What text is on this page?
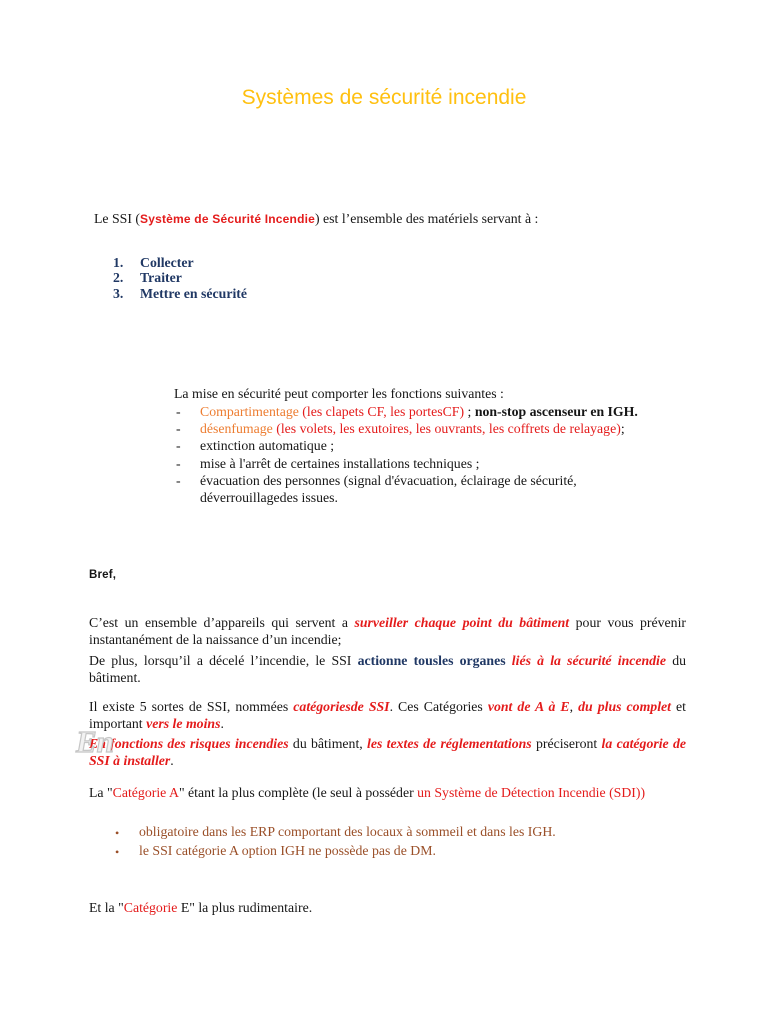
Systèmes de sécurité incendie

Le SSI (Système de Sécurité Incendie) est l’ensemble des matériels servant à :

1.	Collecter
2.	Traiter
3.	Mettre en sécurité

La mise en sécurité peut comporter les fonctions suivantes :

-	Compartimentage (les clapets CF, les portesCF) ; non-stop ascenseur en IGH.
-	désenfumage (les volets, les exutoires, les ouvrants, les coffrets de relayage);
-	extinction automatique ;
-	mise à l'arrêt de certaines installations techniques ;
-	évacuation des personnes (signal d'évacuation, éclairage de sécurité, déverrouillagedes issues.
Bref,

C’est un ensemble d’appareils qui servent a surveiller chaque point du bâtiment pour vous prévenir instantanément de la naissance d’un incendie;

De plus, lorsqu’il a décelé l’incendie, le SSI actionne tousles organes liés à la sécurité incendie du bâtiment.

Il existe 5 sortes de SSI, nommées catégoriesde SSI. Ces Catégories vont de A à E, du plus complet et important vers le moins.

En fonctions des risques incendies du bâtiment, les textes de réglementations préciseront la catégorie de SSI à installer.

En

La "Catégorie A" étant la plus complète (le seul à posséder un Système de Détection Incendie (SDI))

•	obligatoire dans les ERP comportant des locaux à sommeil et dans les IGH.
•	le SSI catégorie A option IGH ne possède pas de DM.

Et la "Catégorie E" la plus rudimentaire.
